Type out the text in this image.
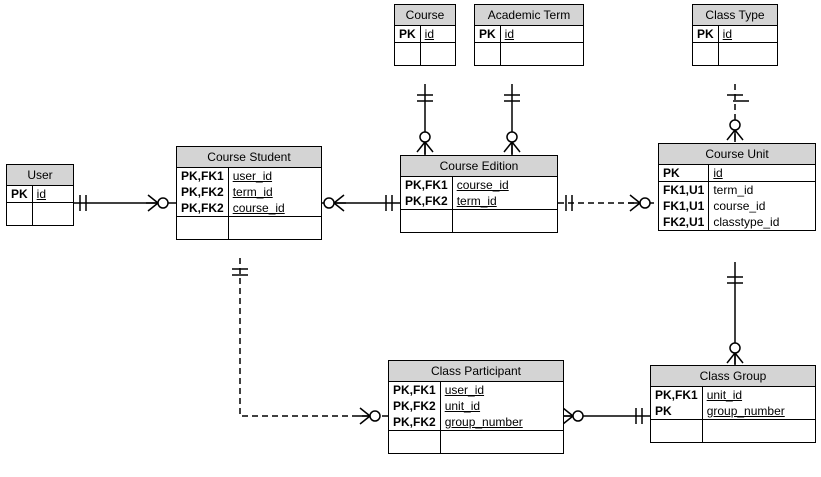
User
PK	id

Course Student
PK,FK1	user_id
PK,FK2	term_id
PK,FK2	course_id

Course
PK	id

Academic Term
PK	id

Class Type
PK	id

Course Edition
PK,FK1	course_id
PK,FK2	term_id

Course Unit
PK	id
FK1,U1	term_id
FK1,U1	course_id
FK2,U1	classtype_id
Class Participant
PK,FK1	user_id
PK,FK2	unit_id
PK,FK2	group_number

Class Group
PK,FK1	unit_id
PK	group_number
